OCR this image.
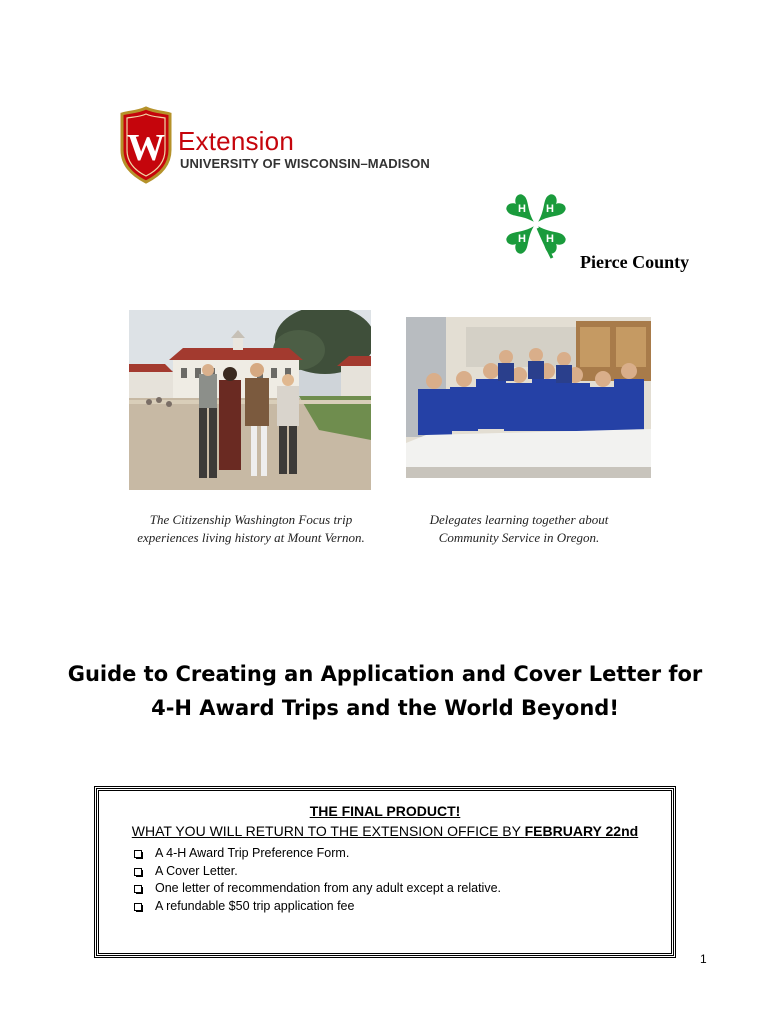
W Extension
UNIVERSITY OF WISCONSIN–MADISON
H H
H H
Pierce County
The Citizenship Washington Focus trip experiences living history at Mount Vernon.
Delegates learning together about Community Service in Oregon.
Guide to Creating an Application and Cover Letter for
4-H Award Trips and the World Beyond!
THE FINAL PRODUCT!
WHAT YOU WILL RETURN TO THE EXTENSION OFFICE BY FEBRUARY 22nd
A 4-H Award Trip Preference Form.
A Cover Letter.
One letter of recommendation from any adult except a relative.
A refundable $50 trip application fee
1
